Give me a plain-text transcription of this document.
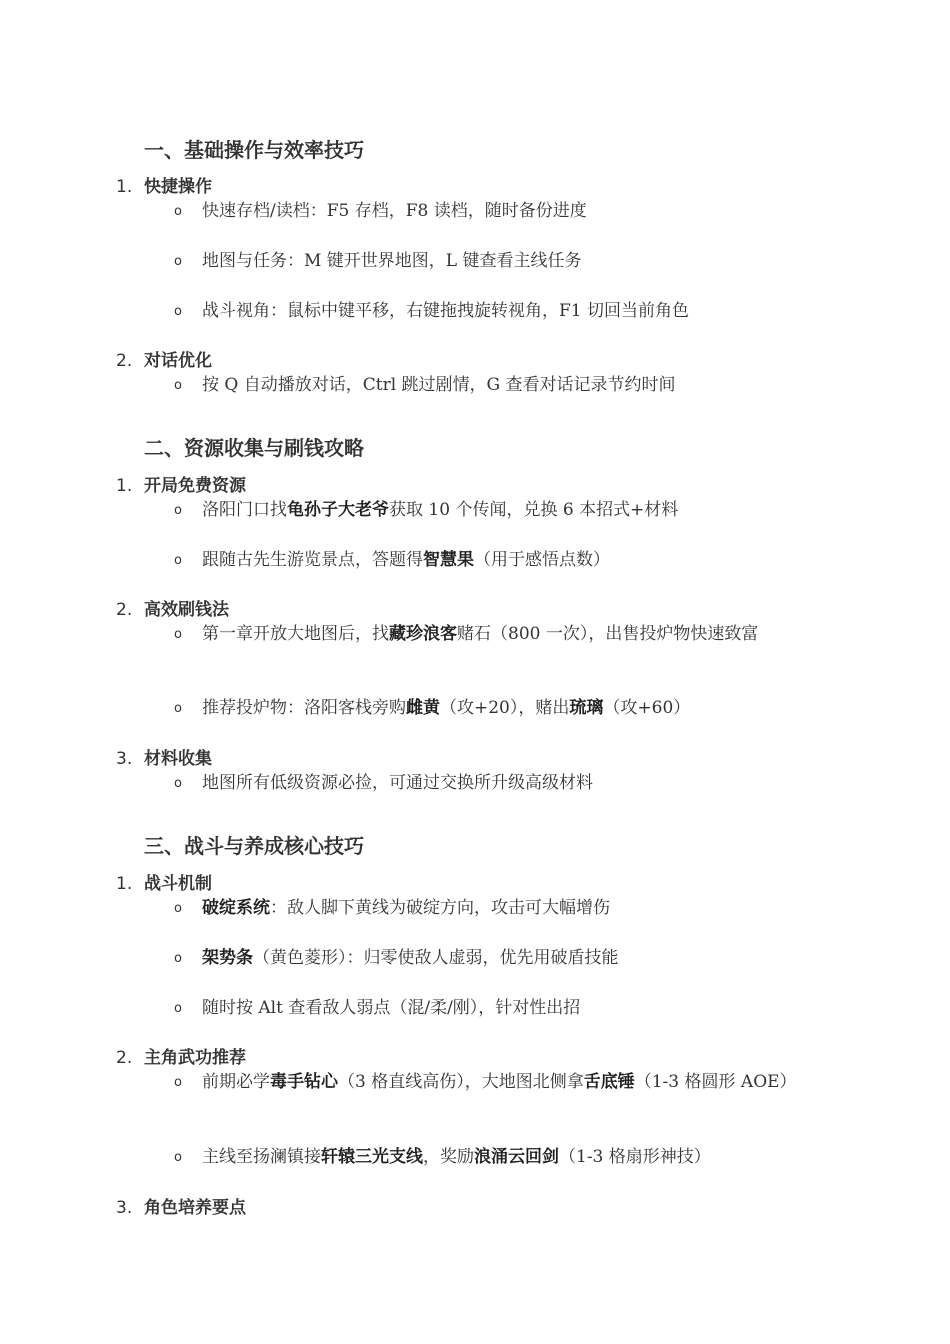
一、基础操作与效率技巧
1. 快捷操作
o 快速存档/读档：F5 存档，F8 读档，随时备份进度
o 地图与任务：M 键开世界地图，L 键查看主线任务
o 战斗视角：鼠标中键平移，右键拖拽旋转视角，F1 切回当前角色
2. 对话优化
o 按 Q 自动播放对话，Ctrl 跳过剧情，G 查看对话记录节约时间
二、资源收集与刷钱攻略
1. 开局免费资源
o 洛阳门口找龟孙子大老爷获取 10 个传闻，兑换 6 本招式+材料
o 跟随古先生游览景点，答题得智慧果（用于感悟点数）
2. 高效刷钱法
o 第一章开放大地图后，找藏珍浪客赌石（800 一次），出售投炉物快速致富
o 推荐投炉物：洛阳客栈旁购雌黄（攻+20），赌出琉璃（攻+60）
3. 材料收集
o 地图所有低级资源必捡，可通过交换所升级高级材料
三、战斗与养成核心技巧
1. 战斗机制
o 破绽系统：敌人脚下黄线为破绽方向，攻击可大幅增伤
o 架势条（黄色菱形）：归零使敌人虚弱，优先用破盾技能
o 随时按 Alt 查看敌人弱点（混/柔/刚），针对性出招
2. 主角武功推荐
o 前期必学毒手钻心（3 格直线高伤），大地图北侧拿舌底锤（1-3 格圆形 AOE）
o 主线至扬澜镇接轩辕三光支线，奖励浪涌云回剑（1-3 格扇形神技）
3. 角色培养要点
